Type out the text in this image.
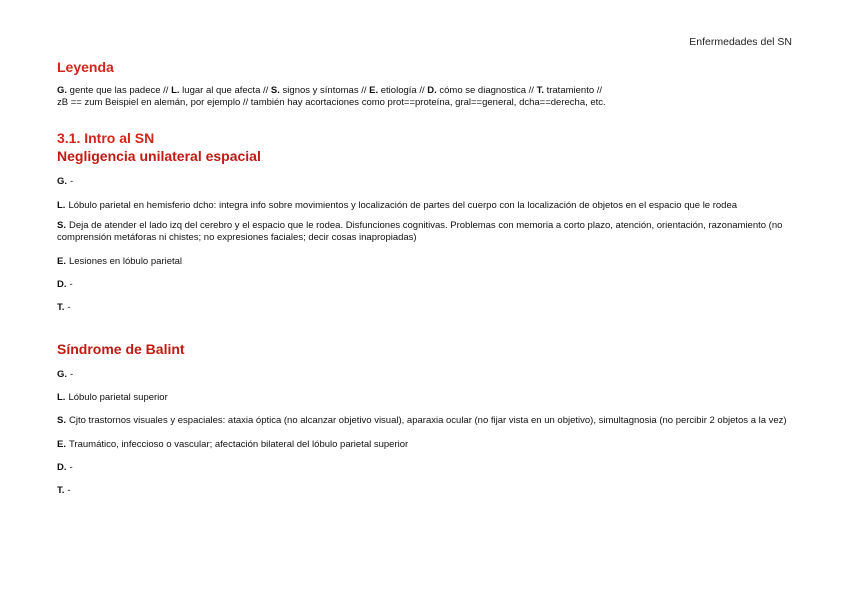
Enfermedades del SN
Leyenda

G. gente que las padece // L. lugar al que afecta // S. signos y síntomas // E. etiología // D. cómo se diagnostica // T. tratamiento //
zB == zum Beispiel en alemán, por ejemplo // también hay acortaciones como prot==proteína, gral==general, dcha==derecha, etc.

3.1. Intro al SN
Negligencia unilateral espacial

G. -

L. Lóbulo parietal en hemisferio dcho: integra info sobre movimientos y localización de partes del cuerpo con la localización de objetos en el espacio que le rodea

S. Deja de atender el lado izq del cerebro y el espacio que le rodea. Disfunciones cognitivas. Problemas con memoria a corto plazo, atención, orientación, razonamiento (no comprensión metáforas ni chistes; no expresiones faciales; decir cosas inapropiadas)

E. Lesiones en lóbulo parietal

D. -

T. -

Síndrome de Balint

G. -

L. Lóbulo parietal superior

S. Cjto trastornos visuales y espaciales: ataxia óptica (no alcanzar objetivo visual), aparaxia ocular (no fijar vista en un objetivo), simultagnosia (no percibir 2 objetos a la vez)

E. Traumático, infeccioso o vascular; afectación bilateral del lóbulo parietal superior

D. -

T. -
